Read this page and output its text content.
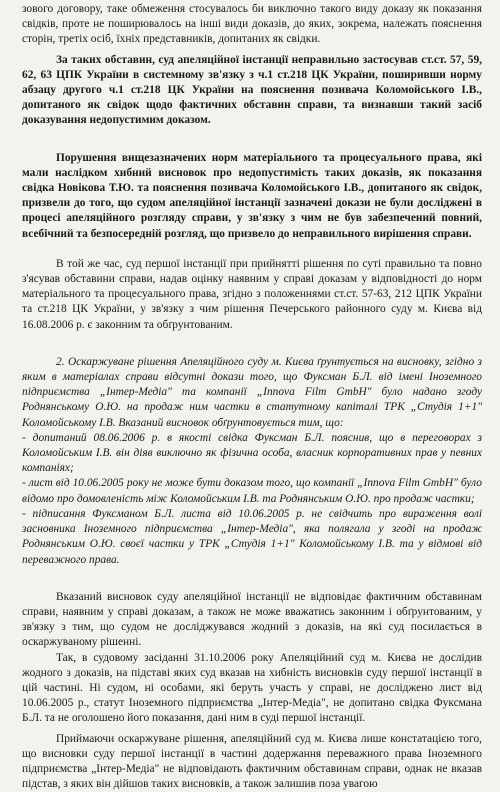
зового договору, таке обмеження стосувалось би виключно такого виду доказу як показання свідків, проте не поширювалось на інші види доказів, до яких, зокрема, належать пояснення сторін, третіх осіб, їхніх представників, допитаних як свідки.

За таких обставин, суд апеляційної інстанції неправильно застосував ст.ст. 57, 59, 62, 63 ЦПК України в системному зв'язку з ч.1 ст.218 ЦК України, поширивши норму абзацу другого ч.1 ст.218 ЦК України на пояснення позивача Коломойського І.В., допитаного як свідок щодо фактичних обставин справи, та визнавши такий засіб доказування недопустимим доказом.

Порушення вищезазначених норм матеріального та процесуального права, які мали наслідком хибний висновок про недопустимість таких доказів, як показання свідка Новікова Т.Ю. та пояснення позивача Коломойського І.В., допитаного як свідок, призвели до того, що судом апеляційної інстанції зазначені докази не були досліджені в процесі апеляційного розгляду справи, у зв'язку з чим не був забезпечений повний, всебічний та безпосередній розгляд, що призвело до неправильного вирішення справи.

В той же час, суд першої інстанції при прийнятті рішення по суті правильно та повно з'ясував обставини справи, надав оцінку наявним у справі доказам у відповідності до норм матеріального та процесуального права, згідно з положеннями ст.ст. 57-63, 212 ЦПК України та ст.218 ЦК України, у зв'язку з чим рішення Печерського районного суду м. Києва від 16.08.2006 р. є законним та обґрунтованим.

2. Оскаржуване рішення Апеляційного суду м. Києва ґрунтується на висновку, згідно з яким в матеріалах справи відсутні докази того, що Фуксман Б.Л. від імені Іноземного підприємства „Інтер-Медіа" та компанії „Innova Film GmbH" було надано згоду Роднянському О.Ю. на продаж ним частки в статутному капіталі ТРК „Студія 1+1" Коломойському І.В. Вказаний висновок обґрунтовується тим, що:

- допитаний 08.06.2006 р. в якості свідка Фуксман Б.Л. пояснив, що в переговорах з Коломойським І.В. він діяв виключно як фізична особа, власник корпоративних прав у певних компаніях;

- лист від 10.06.2005 року не може бути доказом того, що компанії „Innova Film GmbH" було відомо про домовленість між Коломойським І.В. та Роднянським О.Ю. про продаж частки;

- підписання Фуксманом Б.Л. листа від 10.06.2005 р. не свідчить про вираження волі засновника Іноземного підприємства „Інтер-Медіа", яка полягала у згоді на продаж Роднянським О.Ю. своєї частки у ТРК „Студія 1+1" Коломойському І.В. та у відмові від переважного права.

Вказаний висновок суду апеляційної інстанції не відповідає фактичним обставинам справи, наявним у справі доказам, а також не може вважатись законним і обґрунтованим, у зв'язку з тим, що судом не досліджувався жодний з доказів, на які суд посилається в оскаржуваному рішенні.

Так, в судовому засіданні 31.10.2006 року Апеляційний суд м. Києва не дослідив жодного з доказів, на підставі яких суд вказав на хибність висновків суду першої інстанції в цій частині. Ні судом, ні особами, які беруть участь у справі, не досліджено лист від 10.06.2005 р., статут Іноземного підприємства „Інтер-Медіа", не допитано свідка Фуксмана Б.Л. та не оголошено його показання, дані ним в суді першої інстанції.

Приймаючи оскаржуване рішення, апеляційний суд м. Києва лише констатацією того, що висновки суду першої інстанції в частині додержання переважного права Іноземного підприємства „Інтер-Медіа" не відповідають фактичним обставинам справи, однак не вказав підстав, з яких він дійшов таких висновків, а також залишив поза увагою
